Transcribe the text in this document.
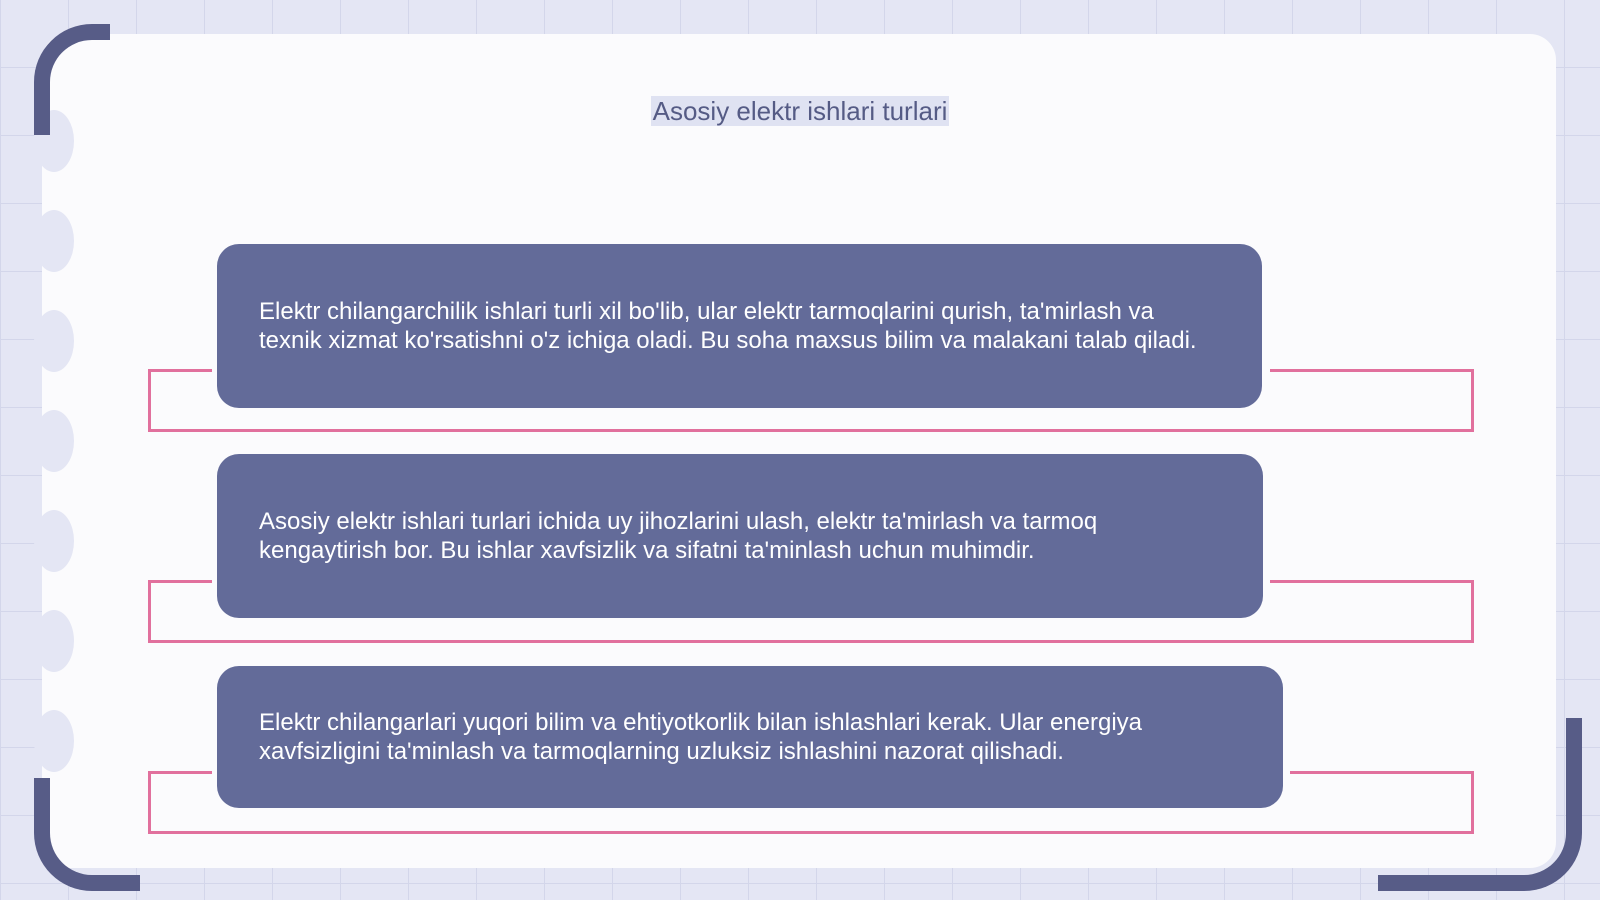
Asosiy elektr ishlari turlari

Elektr chilangarchilik ishlari turli xil bo'lib, ular elektr tarmoqlarini qurish, ta'mirlash va texnik xizmat ko'rsatishni o'z ichiga oladi. Bu soha maxsus bilim va malakani talab qiladi.

Asosiy elektr ishlari turlari ichida uy jihozlarini ulash, elektr ta'mirlash va tarmoq kengaytirish bor. Bu ishlar xavfsizlik va sifatni ta'minlash uchun muhimdir.

Elektr chilangarlari yuqori bilim va ehtiyotkorlik bilan ishlashlari kerak. Ular energiya xavfsizligini ta'minlash va tarmoqlarning uzluksiz ishlashini nazorat qilishadi.
